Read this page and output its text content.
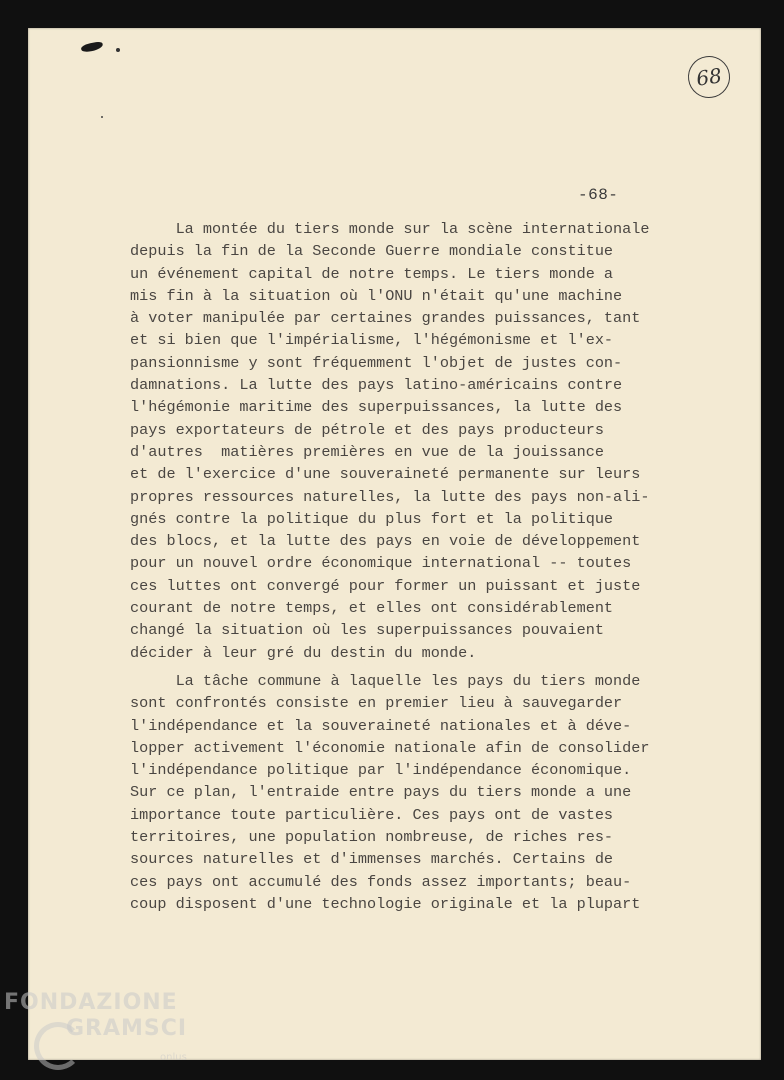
68
-68-
La montée du tiers monde sur la scène internationale
depuis la fin de la Seconde Guerre mondiale constitue
un événement capital de notre temps. Le tiers monde a
mis fin à la situation où l'ONU n'était qu'une machine
à voter manipulée par certaines grandes puissances, tant
et si bien que l'impérialisme, l'hégémonisme et l'ex-
pansionnisme y sont fréquemment l'objet de justes con-
damnations. La lutte des pays latino-américains contre
l'hégémonie maritime des superpuissances, la lutte des
pays exportateurs de pétrole et des pays producteurs
d'autres  matières premières en vue de la jouissance
et de l'exercice d'une souveraineté permanente sur leurs
propres ressources naturelles, la lutte des pays non-ali-
gnés contre la politique du plus fort et la politique
des blocs, et la lutte des pays en voie de développement
pour un nouvel ordre économique international -- toutes
ces luttes ont convergé pour former un puissant et juste
courant de notre temps, et elles ont considérablement
changé la situation où les superpuissances pouvaient
décider à leur gré du destin du monde.
La tâche commune à laquelle les pays du tiers monde
sont confrontés consiste en premier lieu à sauvegarder
l'indépendance et la souveraineté nationales et à déve-
lopper activement l'économie nationale afin de consolider
l'indépendance politique par l'indépendance économique.
Sur ce plan, l'entraide entre pays du tiers monde a une
importance toute particulière. Ces pays ont de vastes
territoires, une population nombreuse, de riches res-
sources naturelles et d'immenses marchés. Certains de
ces pays ont accumulé des fonds assez importants; beau-
coup disposent d'une technologie originale et la plupart
FONDAZIONE
GRAMSCI
onlus
